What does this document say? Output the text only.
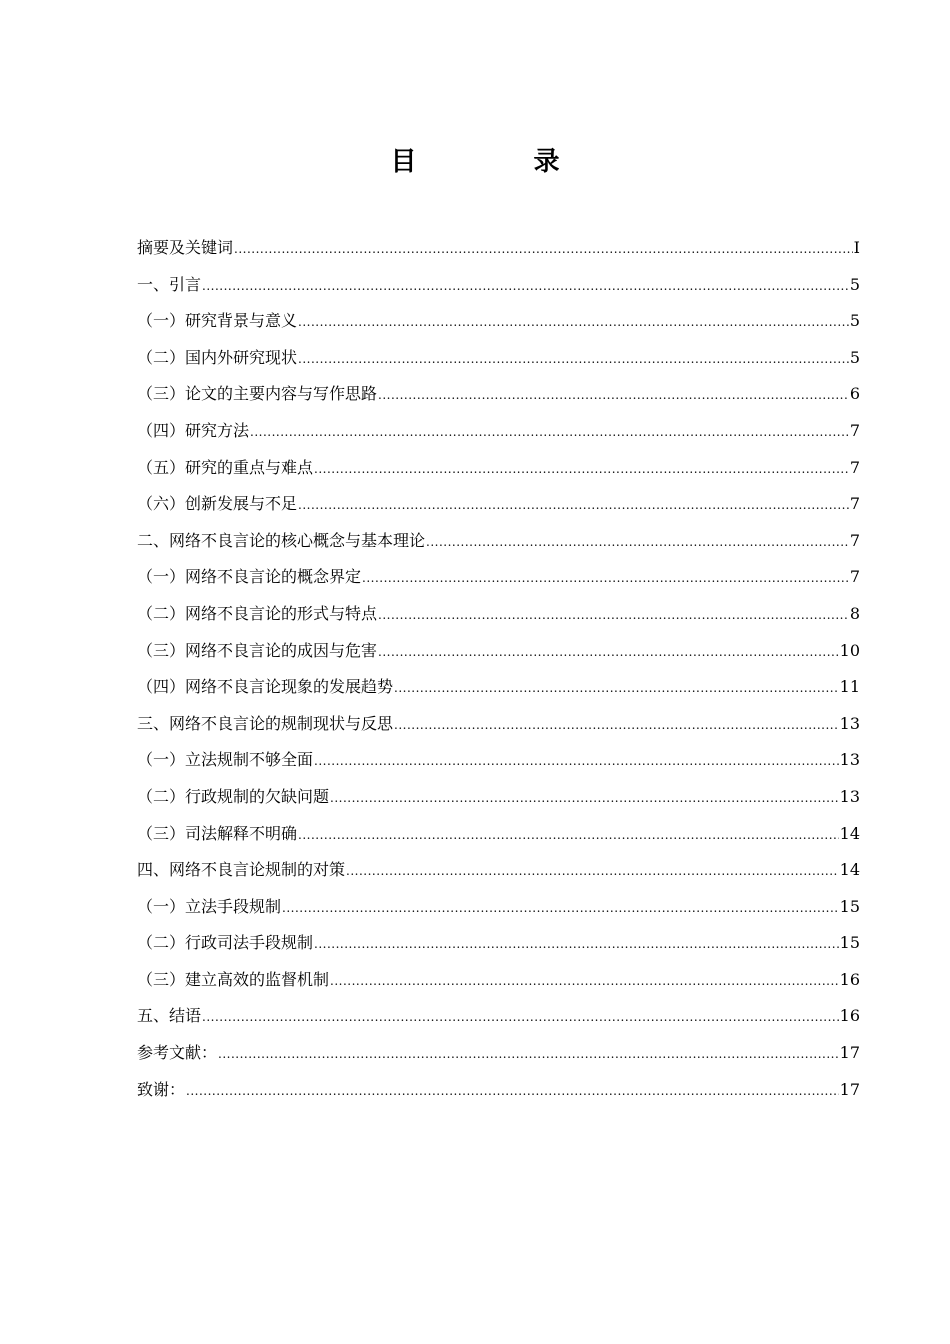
目 录
摘要及关键词 .....	I
一、引言 .....	5
（一）研究背景与意义 .....	5
（二）国内外研究现状 .....	5
（三）论文的主要内容与写作思路 .....	6
（四）研究方法 .....	7
（五）研究的重点与难点 .....	7
（六）创新发展与不足 .....	7
二、网络不良言论的核心概念与基本理论 .....	7
（一）网络不良言论的概念界定 .....	7
（二）网络不良言论的形式与特点 .....	8
（三）网络不良言论的成因与危害 .....	10
（四）网络不良言论现象的发展趋势 .....	11
三、网络不良言论的规制现状与反思 .....	13
（一）立法规制不够全面 .....	13
（二）行政规制的欠缺问题 .....	13
（三）司法解释不明确 .....	14
四、网络不良言论规制的对策 .....	14
（一）立法手段规制 .....	15
（二）行政司法手段规制 .....	15
（三）建立高效的监督机制 .....	16
五、结语 .....	16
参考文献： .....	17
致谢： .....	17
